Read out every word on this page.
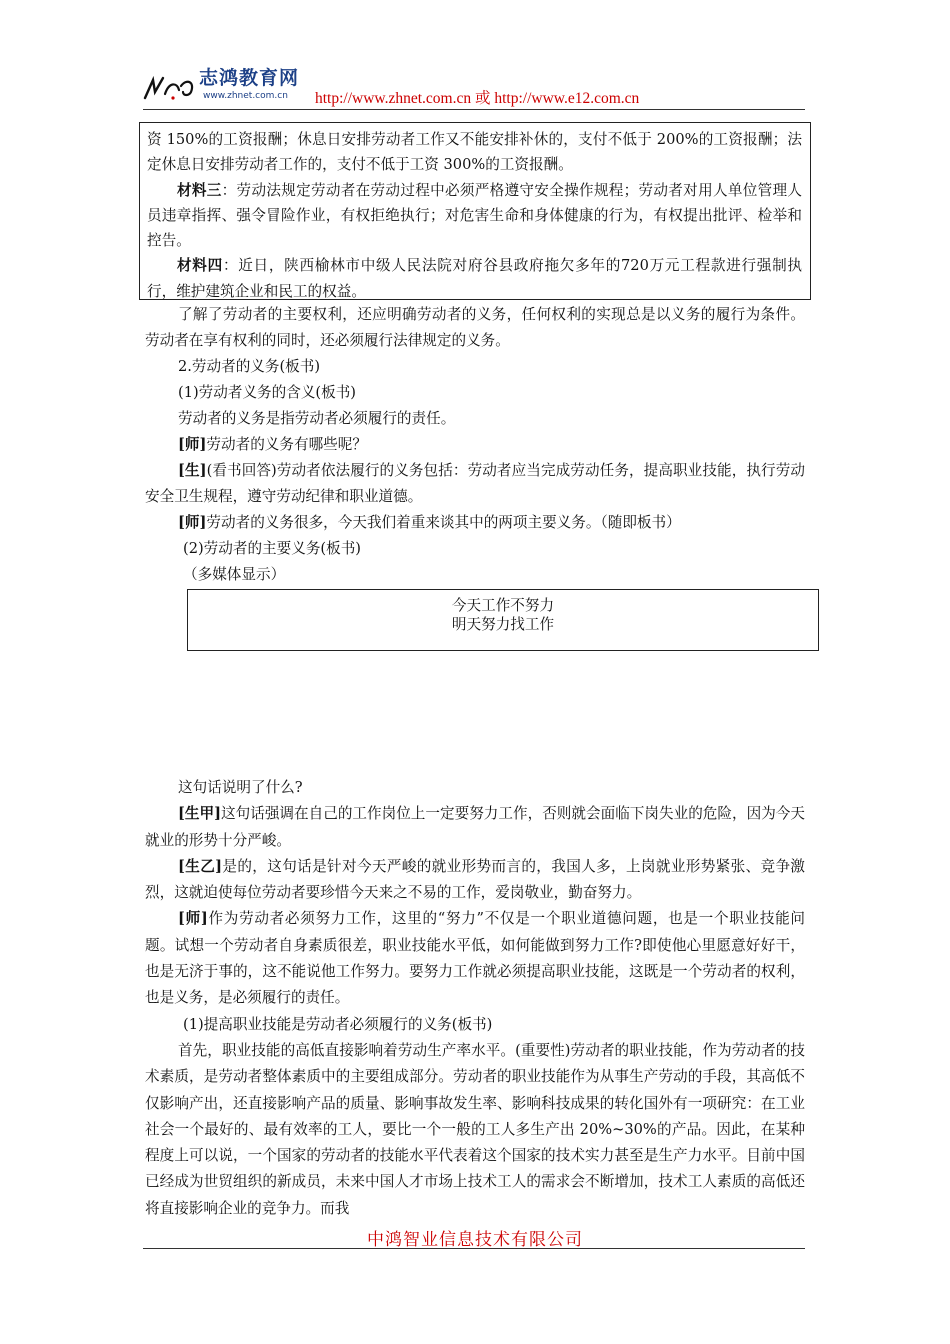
志鸿教育网
www.zhnet.com.cn http://www.zhnet.com.cn 或 http://www.e12.com.cn

资 150%的工资报酬；休息日安排劳动者工作又不能安排补休的，支付不低于 200%的工资报酬；法定休息日安排劳动者工作的，支付不低于工资 300%的工资报酬。

材料三：劳动法规定劳动者在劳动过程中必须严格遵守安全操作规程；劳动者对用人单位管理人员违章指挥、强令冒险作业，有权拒绝执行；对危害生命和身体健康的行为，有权提出批评、检举和控告。

材料四：近日，陕西榆林市中级人民法院对府谷县政府拖欠多年的720万元工程款进行强制执行，维护建筑企业和民工的权益。

了解了劳动者的主要权利，还应明确劳动者的义务，任何权利的实现总是以义务的履行为条件。劳动者在享有权利的同时，还必须履行法律规定的义务。

2.劳动者的义务(板书)

(1)劳动者义务的含义(板书)

劳动者的义务是指劳动者必须履行的责任。

[师]劳动者的义务有哪些呢？

[生](看书回答)劳动者依法履行的义务包括：劳动者应当完成劳动任务，提高职业技能，执行劳动安全卫生规程，遵守劳动纪律和职业道德。

[师]劳动者的义务很多，今天我们着重来谈其中的两项主要义务。（随即板书）

(2)劳动者的主要义务(板书)

（多媒体显示）

今天工作不努力

明天努力找工作

这句话说明了什么?

[生甲]这句话强调在自己的工作岗位上一定要努力工作，否则就会面临下岗失业的危险，因为今天就业的形势十分严峻。

[生乙]是的，这句话是针对今天严峻的就业形势而言的，我国人多，上岗就业形势紧张、竞争激烈，这就迫使每位劳动者要珍惜今天来之不易的工作，爱岗敬业，勤奋努力。

[师]作为劳动者必须努力工作，这里的“努力”不仅是一个职业道德问题，也是一个职业技能问题。试想一个劳动者自身素质很差，职业技能水平低，如何能做到努力工作?即使他心里愿意好好干，也是无济于事的，这不能说他工作努力。要努力工作就必须提高职业技能，这既是一个劳动者的权利，也是义务，是必须履行的责任。

(1)提高职业技能是劳动者必须履行的义务(板书)

首先，职业技能的高低直接影响着劳动生产率水平。(重要性)劳动者的职业技能，作为劳动者的技术素质，是劳动者整体素质中的主要组成部分。劳动者的职业技能作为从事生产劳动的手段，其高低不仅影响产出，还直接影响产品的质量、影响事故发生率、影响科技成果的转化国外有一项研究：在工业社会一个最好的、最有效率的工人，要比一个一般的工人多生产出 20%~30%的产品。因此，在某种程度上可以说，一个国家的劳动者的技能水平代表着这个国家的技术实力甚至是生产力水平。目前中国已经成为世贸组织的新成员，未来中国人才市场上技术工人的需求会不断增加，技术工人素质的高低还将直接影响企业的竞争力。而我

中鸿智业信息技术有限公司
